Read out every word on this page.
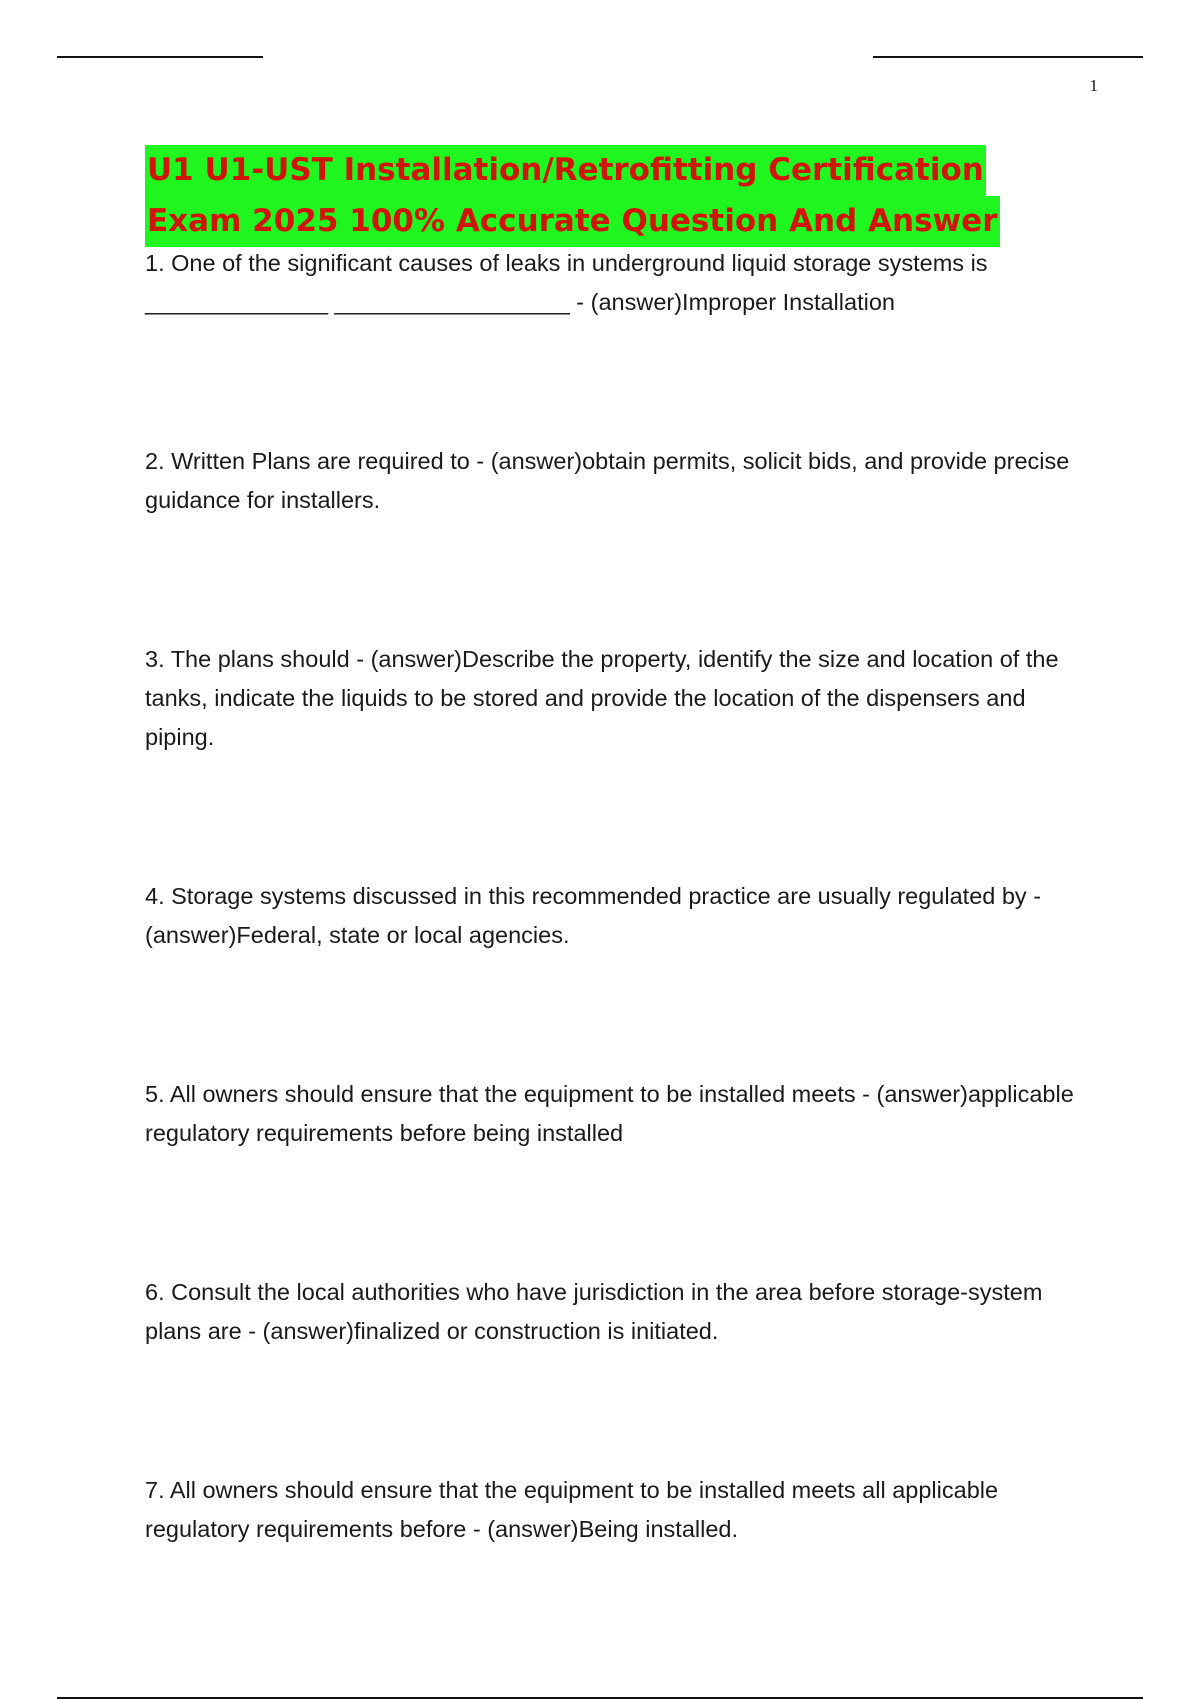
1
U1 U1-UST Installation/Retrofitting Certification
Exam 2025 100% Accurate Question And Answer

1. One of the significant causes of leaks in underground liquid storage systems is ______________ __________________ - (answer)Improper Installation

2. Written Plans are required to - (answer)obtain permits, solicit bids, and provide precise guidance for installers.

3. The plans should - (answer)Describe the property, identify the size and location of the tanks, indicate the liquids to be stored and provide the location of the dispensers and piping.

4. Storage systems discussed in this recommended practice are usually regulated by - (answer)Federal, state or local agencies.

5. All owners should ensure that the equipment to be installed meets - (answer)applicable regulatory requirements before being installed

6. Consult the local authorities who have jurisdiction in the area before storage-system plans are - (answer)finalized or construction is initiated.

7. All owners should ensure that the equipment to be installed meets all applicable regulatory requirements before - (answer)Being installed.
